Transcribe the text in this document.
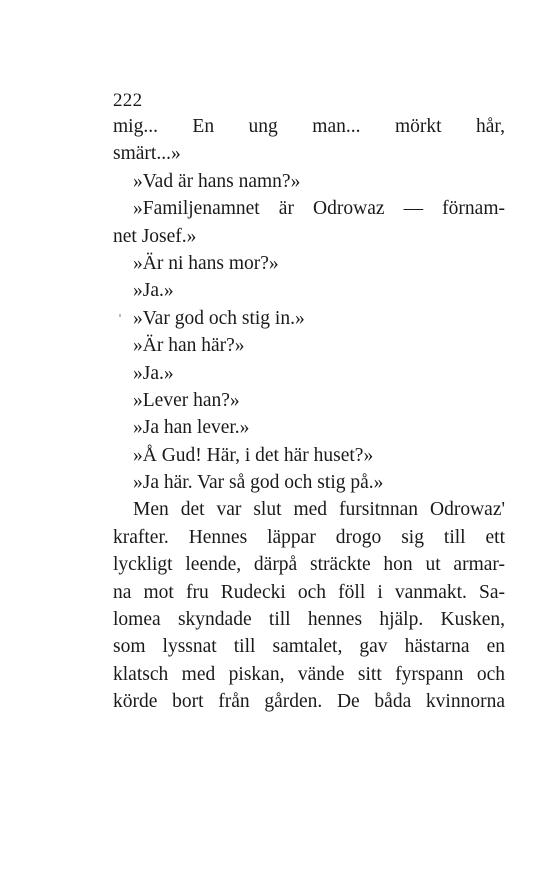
222
mig... En ung man... mörkt hår,
smärt...»
»Vad är hans namn?»
»Familjenamnet är Odrowaz — förnam-
net Josef.»
»Är ni hans mor?»
»Ja.»
»Var god och stig in.»
»Är han här?»
»Ja.»
»Lever han?»
»Ja han lever.»
»Å Gud! Här, i det här huset?»
»Ja här. Var så god och stig på.»
Men det var slut med fursitnnan Odrowaz'
krafter. Hennes läppar drogo sig till ett
lyckligt leende, därpå sträckte hon ut armar-
na mot fru Rudecki och föll i vanmakt. Sa-
lomea skyndade till hennes hjälp. Kusken,
som lyssnat till samtalet, gav hästarna en
klatsch med piskan, vände sitt fyrspann och
körde bort från gården. De båda kvinnorna
